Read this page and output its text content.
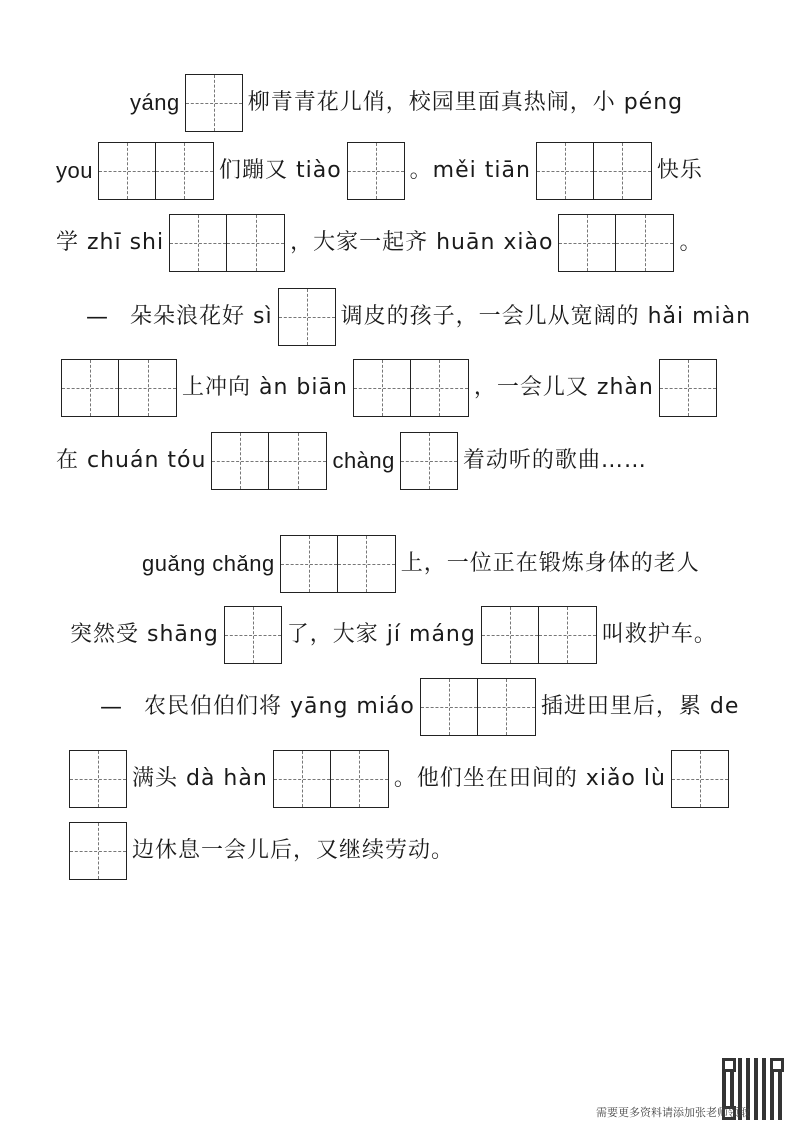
yáng	柳青青花儿俏，校园里面真热闹，小 péng
you	们蹦又 tiào	。měi tiān	快乐
学 zhī shi	，大家一起齐 huān xiào	。
— 朵朵浪花好 sì	调皮的孩子，一会儿从宽阔的 hǎi miàn
上冲向 àn biān	，一会儿又 zhàn
在 chuán tóu	chàng	着动听的歌曲……
guǎng chǎng	上，一位正在锻炼身体的老人
突然受 shāng	了，大家 jí máng	叫救护车。
— 农民伯伯们将 yāng miáo	插进田里后，累 de
满头 dà hàn	。他们坐在田间的 xiǎo lù
边休息一会儿后，又继续劳动。
需要更多资料请添加张老师领取
